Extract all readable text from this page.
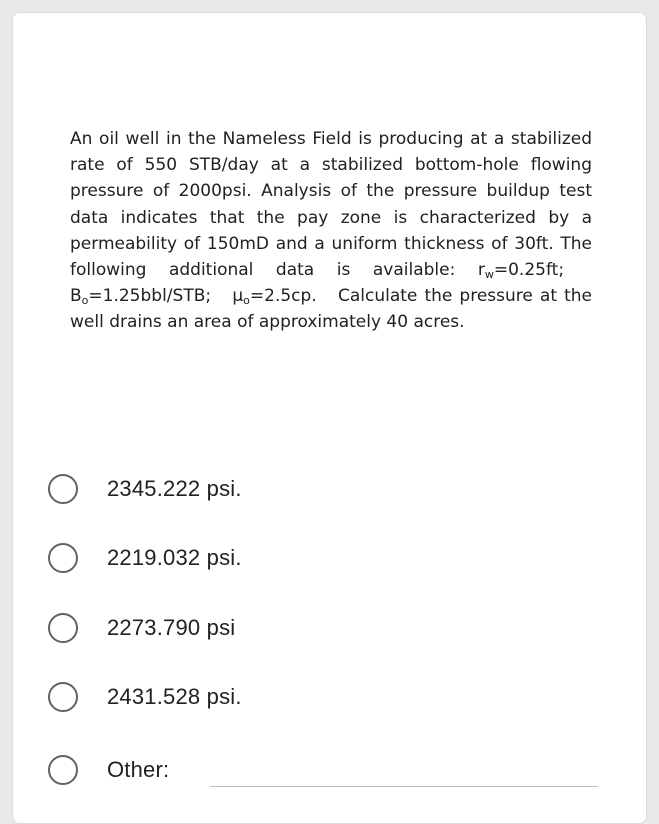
An oil well in the Nameless Field is producing at a stabilized rate of 550 STB/day at a stabilized bottom-hole flowing pressure of 2000psi. Analysis of the pressure buildup test data indicates that the pay zone is characterized by a permeability of 150mD and a uniform thickness of 30ft. The following additional data is available: $r_w=0.25ft$;   $B_o=1.25bbl$/STB; $\mu_o=2.5cp$. Calculate the pressure at the well drains an area of approximately 40 acres.
2345.222 psi.
2219.032 psi.
2273.790 psi
2431.528 psi.
Other:
